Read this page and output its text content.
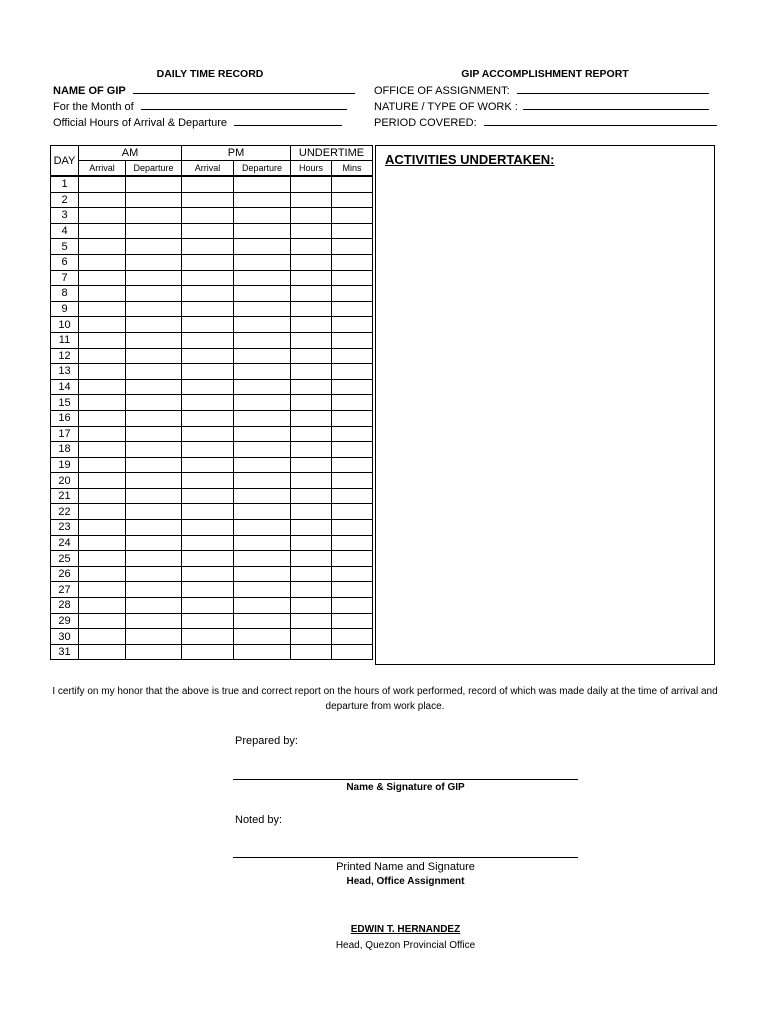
DAILY TIME RECORD
NAME OF GIP
For the Month of
Official Hours of Arrival & Departure
GIP ACCOMPLISHMENT REPORT
OFFICE OF ASSIGNMENT:
NATURE / TYPE OF WORK :
PERIOD COVERED:
DAY	AM		PM		UNDERTIME	
	Arrival	Departure	Arrival	Departure	Hours	Mins
1						
2						
3						
4						
5						
6						
7						
8						
9						
10						
11						
12						
13						
14						
15						
16						
17						
18						
19						
20						
21						
22						
23						
24						
25						
26						
27						
28						
29						
30						
31						
ACTIVITIES UNDERTAKEN:
I certify on my honor that the above is true and correct report on the hours of work performed, record of which was made daily at the time of arrival and departure from work place.
Prepared by:
Name & Signature of GIP
Noted by:
Printed Name and Signature
Head, Office Assignment
EDWIN T. HERNANDEZ
Head, Quezon Provincial Office
